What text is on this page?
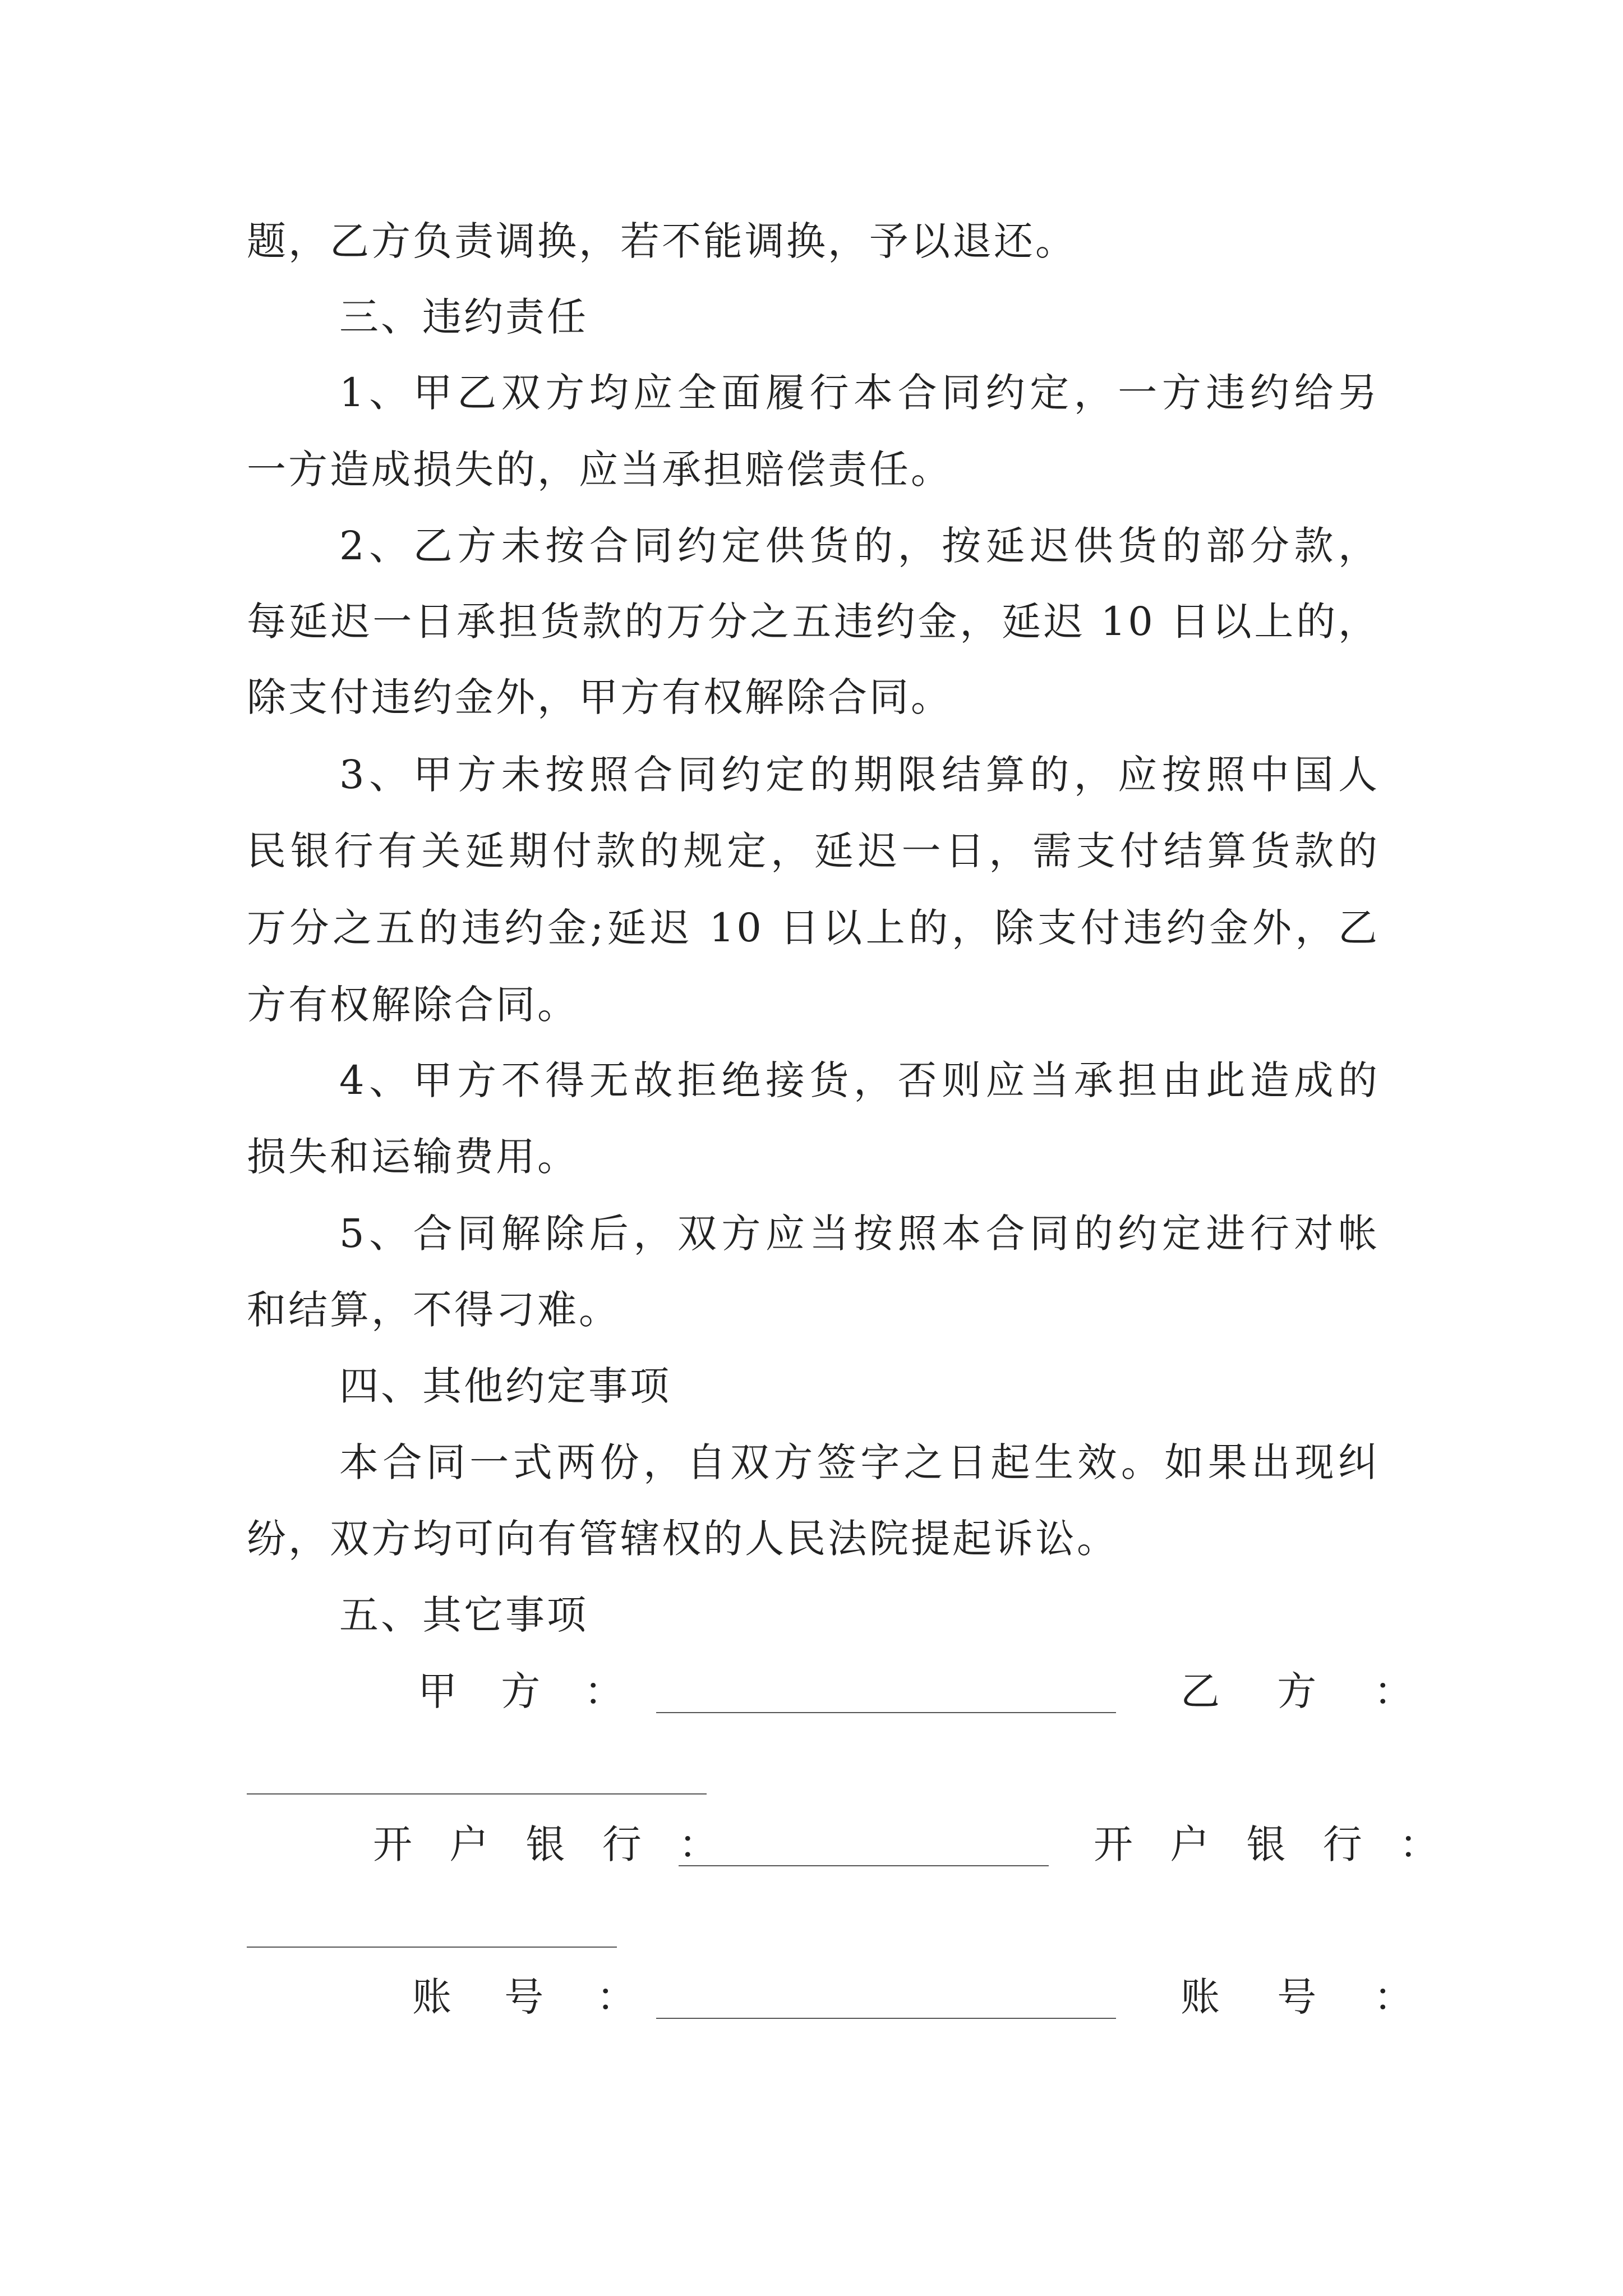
题，乙方负责调换，若不能调换，予以退还。
三、违约责任
1、甲乙双方均应全面履行本合同约定，一方违约给另
一方造成损失的，应当承担赔偿责任。
2、乙方未按合同约定供货的，按延迟供货的部分款，
每延迟一日承担货款的万分之五违约金，延迟 10 日以上的，
除支付违约金外，甲方有权解除合同。
3、甲方未按照合同约定的期限结算的，应按照中国人
民银行有关延期付款的规定，延迟一日，需支付结算货款的
万分之五的违约金;延迟 10 日以上的，除支付违约金外，乙
方有权解除合同。
4、甲方不得无故拒绝接货，否则应当承担由此造成的
损失和运输费用。
5、合同解除后，双方应当按照本合同的约定进行对帐
和结算，不得刁难。
四、其他约定事项
本合同一式两份，自双方签字之日起生效。如果出现纠
纷，双方均可向有管辖权的人民法院提起诉讼。
五、其它事项
甲 方 ：	乙 方 ：
开 户 银 行 ：	开 户 银 行 ：
账 号 ：	账 号 ：
